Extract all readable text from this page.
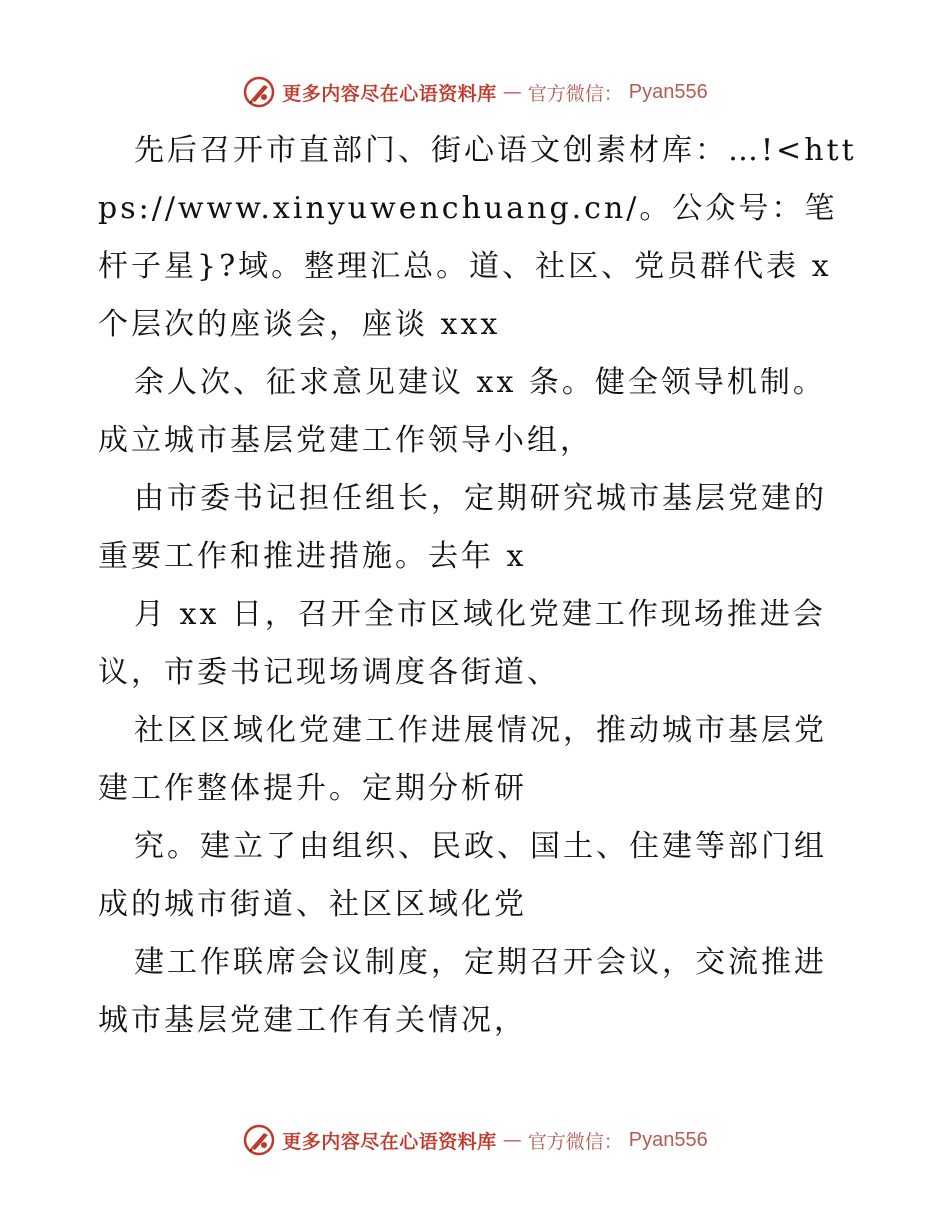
更多内容尽在心语资料库 — 官方微信： Pyan556

先后召开市直部门、街心语文创素材库：…!<https://www.xinyuwenchuang.cn/。公众号：笔杆子星}?域。整理汇总。道、社区、党员群代表 x 个层次的座谈会，座谈 xxx

余人次、征求意见建议 xx 条。健全领导机制。成立城市基层党建工作领导小组，

由市委书记担任组长，定期研究城市基层党建的重要工作和推进措施。去年 x

月 xx 日，召开全市区域化党建工作现场推进会议，市委书记现场调度各街道、

社区区域化党建工作进展情况，推动城市基层党建工作整体提升。定期分析研

究。建立了由组织、民政、国土、住建等部门组成的城市街道、社区区域化党

建工作联席会议制度，定期召开会议，交流推进城市基层党建工作有关情况，

更多内容尽在心语资料库 — 官方微信： Pyan556
